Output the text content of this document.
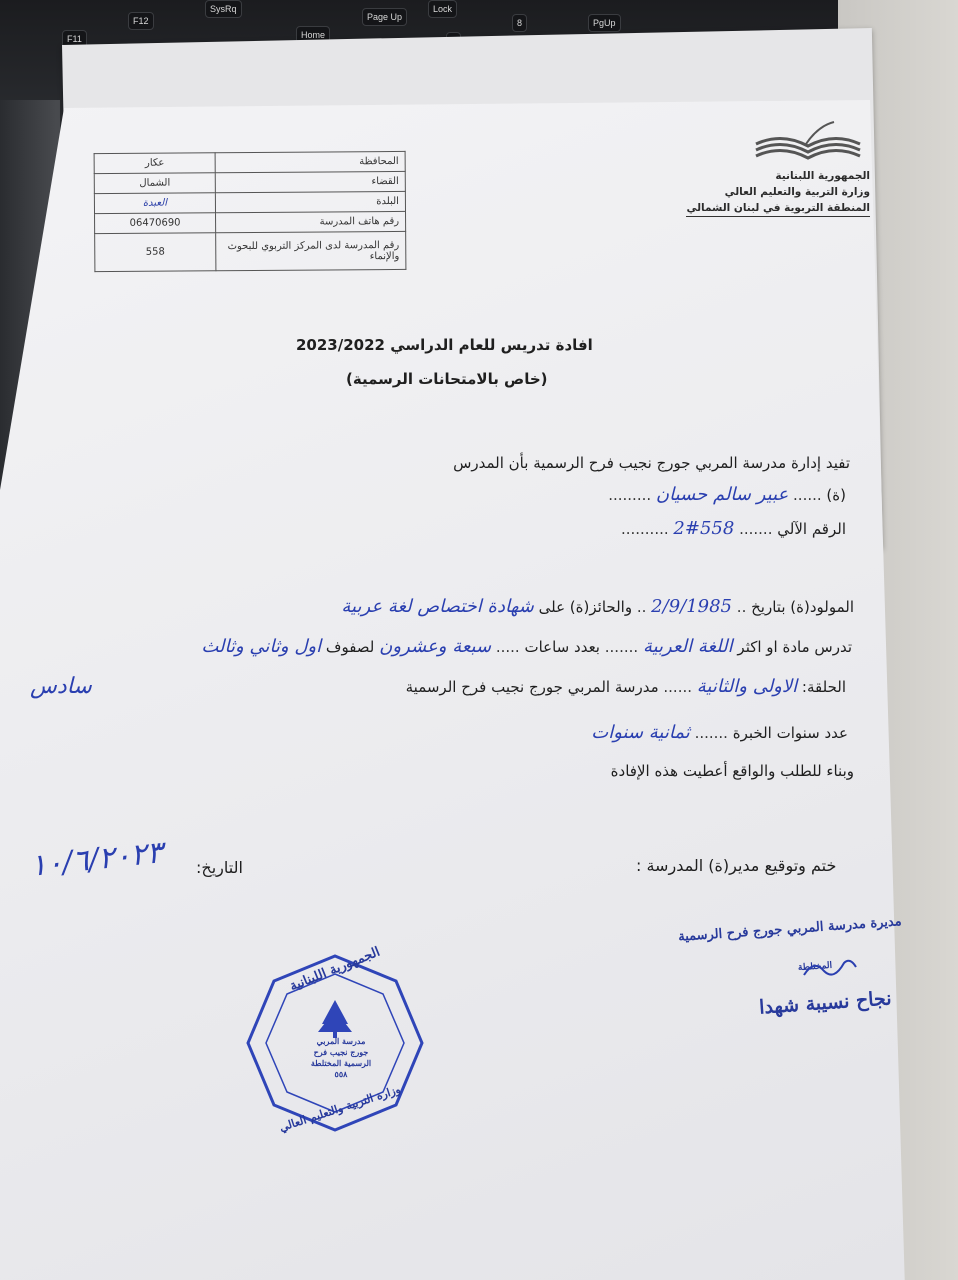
F11
F12
SysRq
Page Up
Lock
Home
PgUp
8
الجمهورية اللبنانية
وزارة التربية والتعليم العالي
المنطقة التربوية في لبنان الشمالي
المحافظة	عكار
القضاء	الشمال
البلدة	العبدة
رقم هاتف المدرسة	06470690
رقم المدرسة لدى المركز التربوي للبحوث والإنماء	558
افادة تدريس للعام الدراسي 2023/2022
(خاص بالامتحانات الرسمية)
تفيد إدارة مدرسة المربي جورج نجيب فرح الرسمية بأن المدرس
(ة) ...... عبير سالم حسيان .........
الرقم الآلي ....... 2#558 ..........
المولود(ة) بتاريخ .. 2/9/1985 .. والحائز(ة) على شهادة اختصاص لغة عربية
تدرس مادة او اكثر اللغة العربية ....... بعدد ساعات ..... سبعة وعشرون لصفوف اول وثاني وثالث
سادس	الحلقة: الاولى والثانية ...... مدرسة المربي جورج نجيب فرح الرسمية
عدد سنوات الخبرة ....... ثمانية سنوات
وبناء للطلب والواقع أعطيت هذه الإفادة
التاريخ:
١٠/٦/٢٠٢٣	ختم وتوقيع مدير(ة) المدرسة :
مديرة مدرسة المربي جورج فرح الرسمية
المختلطة
نجاح نسيبة شهدا
الجمهورية اللبنانية
وزارة التربية والتعليم العالي
مدرسة المربي
جورج نجيب فرح
الرسمية المختلطة
٥٥٨
